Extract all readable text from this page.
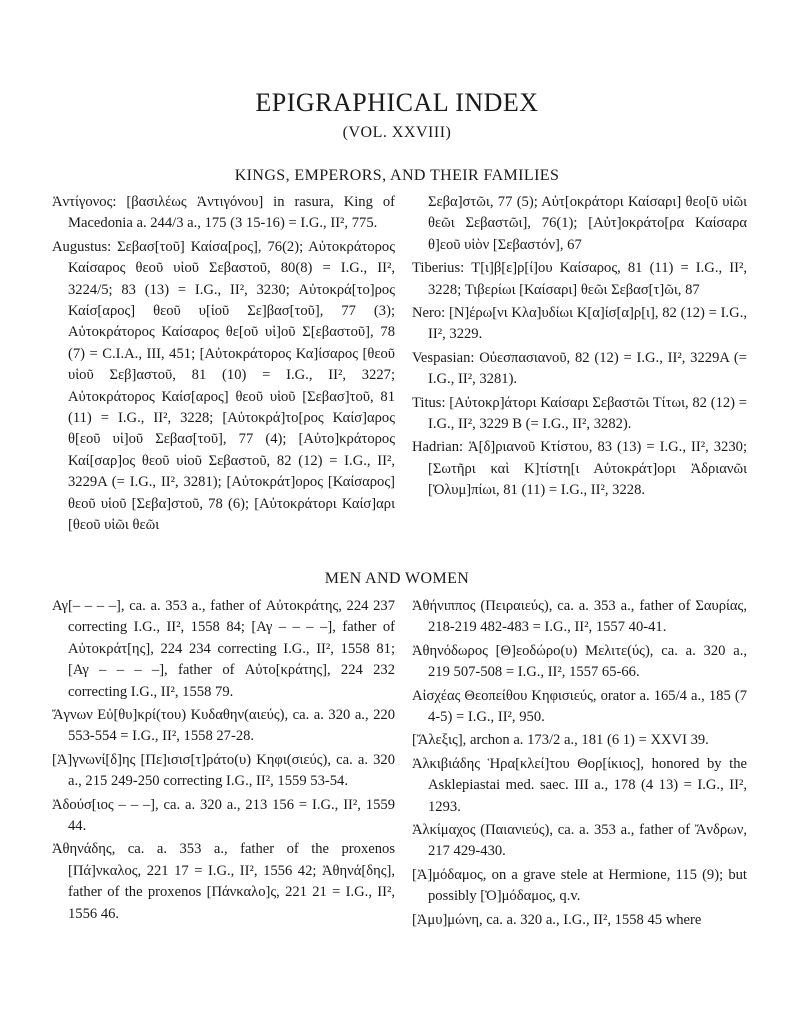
EPIGRAPHICAL INDEX
(VOL. XXVIII)
KINGS, EMPERORS, AND THEIR FAMILIES

Ἀντίγονος: [βασιλέως Ἀντιγόνου] in rasura, King of Macedonia a. 244/3 a., 175 (3 15-16) = I.G., II², 775.

Augustus: Σεβασ[τοῦ] Καίσα[ρος], 76(2); Αὐτοκράτορος Καίσαρος θεοῦ υἱοῦ Σεβαστοῦ, 80(8) = I.G., II², 3224/5; 83 (13) = I.G., II², 3230; Αὐτοκρά[το]ρος Καίσ[αρος] θεοῦ υ[ἱοῦ Σε]βασ[τοῦ], 77 (3); Αὐτοκράτορος Καίσαρος θε[οῦ υἱ]οῦ Σ[εβαστοῦ], 78 (7) = C.I.A., III, 451; [Αὐτοκράτορος Κα]ίσαρος [θεοῦ υἱοῦ Σεβ]αστοῦ, 81 (10) = I.G., II², 3227; Αὐτοκράτορος Καίσ[αρος] θεοῦ υἱοῦ [Σεβασ]τοῦ, 81 (11) = I.G., II², 3228; [Αὐτοκρά]το[ρος Καίσ]αρος θ[εοῦ υἱ]οῦ Σεβασ[τοῦ], 77 (4); [Αὐτο]κράτορος Καί[σαρ]ος θεοῦ υἱοῦ Σεβαστοῦ, 82 (12) = I.G., II², 3229A (= I.G., II², 3281); [Αὐτοκράτ]ορος [Καίσαρος] θεοῦ υἱοῦ [Σεβα]στοῦ, 78 (6); [Αὐτοκράτορι Καίσ]αρι [θεοῦ υἱῶι θεῶι

Σεβα]στῶι, 77 (5); Αὐτ[οκράτορι Καίσαρι] θεο[ῦ υἱῶι θεῶι Σεβαστῶι], 76(1); [Αὐτ]οκράτο[ρα Καίσαρα θ]εοῦ υἱὸν [Σεβαστόν], 67

Tiberius: Τ[ι]β[ε]ρ[ί]ου Καίσαρος, 81 (11) = I.G., II², 3228; Τιβερίωι [Καίσαρι] θεῶι Σεβασ[τ]ῶι, 87

Nero: [Ν]έρω[νι Κλα]υδίωι Κ[α]ίσ[α]ρ[ι], 82 (12) = I.G., II², 3229.

Vespasian: Οὐεσπασιανοῦ, 82 (12) = I.G., II², 3229A (= I.G., II², 3281).

Titus: [Αὐτοκρ]άτορι Καίσαρι Σεβαστῶι Τίτωι, 82 (12) = I.G., II², 3229 B (= I.G., II², 3282).

Hadrian: Ἁ[δ]ριανοῦ Κτίστου, 83 (13) = I.G., II², 3230; [Σωτῆρι καὶ Κ]τίστη[ι Αὐτοκράτ]ορι Ἁδριανῶι [Ὀλυμ]πίωι, 81 (11) = I.G., II², 3228.

MEN AND WOMEN

Αγ[– – – –], ca. a. 353 a., father of Αὐτοκράτης, 224 237 correcting I.G., II², 1558 84; [Αγ – – – –], father of Αὐτοκράτ[ης], 224 234 correcting I.G., II², 1558 81; [Αγ – – – –], father of Αὐτο[κράτης], 224 232 correcting I.G., II², 1558 79.

Ἄγνων Εὐ[θυ]κρί(του) Κυδαθην(αιεύς), ca. a. 320 a., 220 553-554 = I.G., II², 1558 27-28.

[Ἀ]γνωνί[δ]ης [Πε]ισισ[τ]ράτο(υ) Κηφι(σιεύς), ca. a. 320 a., 215 249-250 correcting I.G., II², 1559 53-54.

Ἀδούσ[ιος – – –], ca. a. 320 a., 213 156 = I.G., II², 1559 44.

Ἀθηνάδης, ca. a. 353 a., father of the proxenos [Πά]νκαλος, 221 17 = I.G., II², 1556 42; Ἀθηνά[δης], father of the proxenos [Πάνκαλο]ς, 221 21 = I.G., II², 1556 46.

Ἀθήνιππος (Πειραιεύς), ca. a. 353 a., father of Σαυρίας, 218-219 482-483 = I.G., II², 1557 40-41.

Ἀθηνόδωρος [Θ]εοδώρο(υ) Μελιτε(ύς), ca. a. 320 a., 219 507-508 = I.G., II², 1557 65-66.

Αἰσχέας Θεοπείθου Κηφισιεύς, orator a. 165/4 a., 185 (7 4-5) = I.G., II², 950.

[Ἄλεξις], archon a. 173/2 a., 181 (6 1) = XXVI 39.

Ἀλκιβιάδης Ἡρα[κλεί]του Θορ[ίκιος], honored by the Asklepiastai med. saec. III a., 178 (4 13) = I.G., II², 1293.

Ἀλκίμαχος (Παιανιεύς), ca. a. 353 a., father of Ἄνδρων, 217 429-430.

[Ἀ]μόδαμος, on a grave stele at Hermione, 115 (9); but possibly [Ὀ]μόδαμος, q.v.

[Ἀμυ]μώνη, ca. a. 320 a., I.G., II², 1558 45 where
